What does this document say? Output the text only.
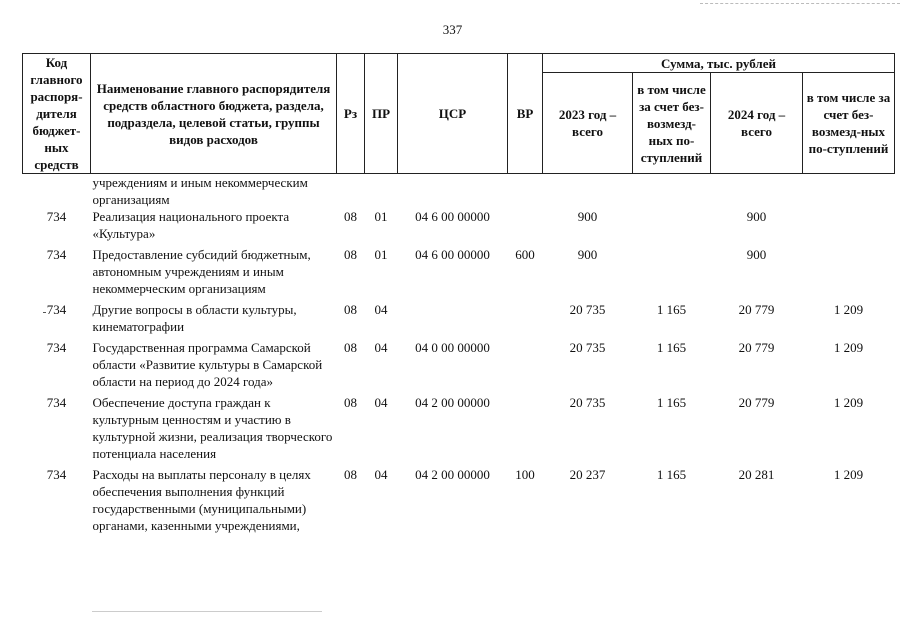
337
Код главного распоря-дителя бюджет-ных средств	Наименование главного распорядителя средств областного бюджета, раздела, подраздела, целевой статьи, группы видов расходов	Рз	ПР	ЦСР	ВР	Сумма, тыс. рублей			
						2023 год – всего	в том числе за счет без-возмезд-ных по-ступлений	2024 год – всего	в том числе за счет без-возмезд-ных по-ступлений
	учреждениям и иным некоммерческим организациям								
734	Реализация национального проекта «Культура»	08	01	04 6 00 00000		900		900	
734	Предоставление субсидий бюджетным, автономным учреждениям и иным некоммерческим организациям	08	01	04 6 00 00000	600	900		900	
734	Другие вопросы в области культуры, кинематографии	08	04			20 735	1 165	20 779	1 209
734	Государственная программа Самарской области «Развитие культуры в Самарской области на период до 2024 года»	08	04	04 0 00 00000		20 735	1 165	20 779	1 209
734	Обеспечение доступа граждан к культурным ценностям и участию в культурной жизни, реализация творческого потенциала населения	08	04	04 2 00 00000		20 735	1 165	20 779	1 209
734	Расходы на выплаты персоналу в целях обеспечения выполнения функций государственными (муниципальными) органами, казенными учреждениями,	08	04	04 2 00 00000	100	20 237	1 165	20 281	1 209
